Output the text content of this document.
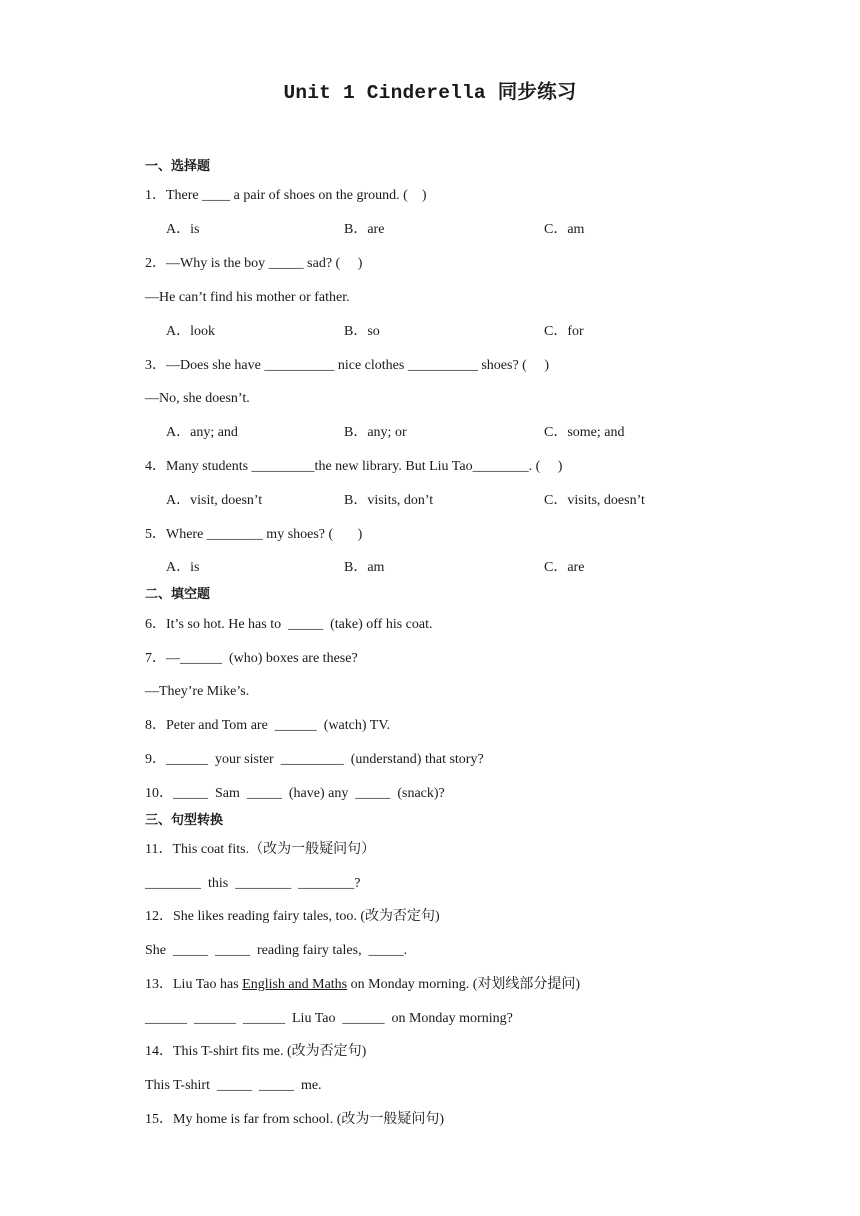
Unit 1 Cinderella 同步练习
一、选择题
1．There ____ a pair of shoes on the ground. (    )
A．is	B．are	C．am
2．—Why is the boy _____ sad? (     )
—He can’t find his mother or father.
A．look	B．so	C．for
3．—Does she have __________ nice clothes __________ shoes? (     )
—No, she doesn’t.
A．any; and	B．any; or	C．some; and
4．Many students _________the new library. But Liu Tao________. (     )
A．visit, doesn’t	B．visits, don’t	C．visits, doesn’t
5．Where ________ my shoes? (       )
A．is	B．am	C．are
二、填空题
6．It’s so hot. He has to  _____  (take) off his coat.
7．—______  (who) boxes are these?
—They’re Mike’s.
8．Peter and Tom are  ______  (watch) TV.
9．______  your sister  _________  (understand) that story?
10．_____  Sam  _____  (have) any  _____  (snack)?
三、句型转换
11．This coat fits.（改为一般疑问句）
________  this  ________  ________?
12．She likes reading fairy tales, too. (改为否定句)
She  _____  _____  reading fairy tales,  _____.
13．Liu Tao has English and Maths on Monday morning. (对划线部分提问)
______  ______  ______  Liu Tao  ______  on Monday morning?
14．This T-shirt fits me. (改为否定句)
This T-shirt  _____  _____  me.
15．My home is far from school. (改为一般疑问句)
